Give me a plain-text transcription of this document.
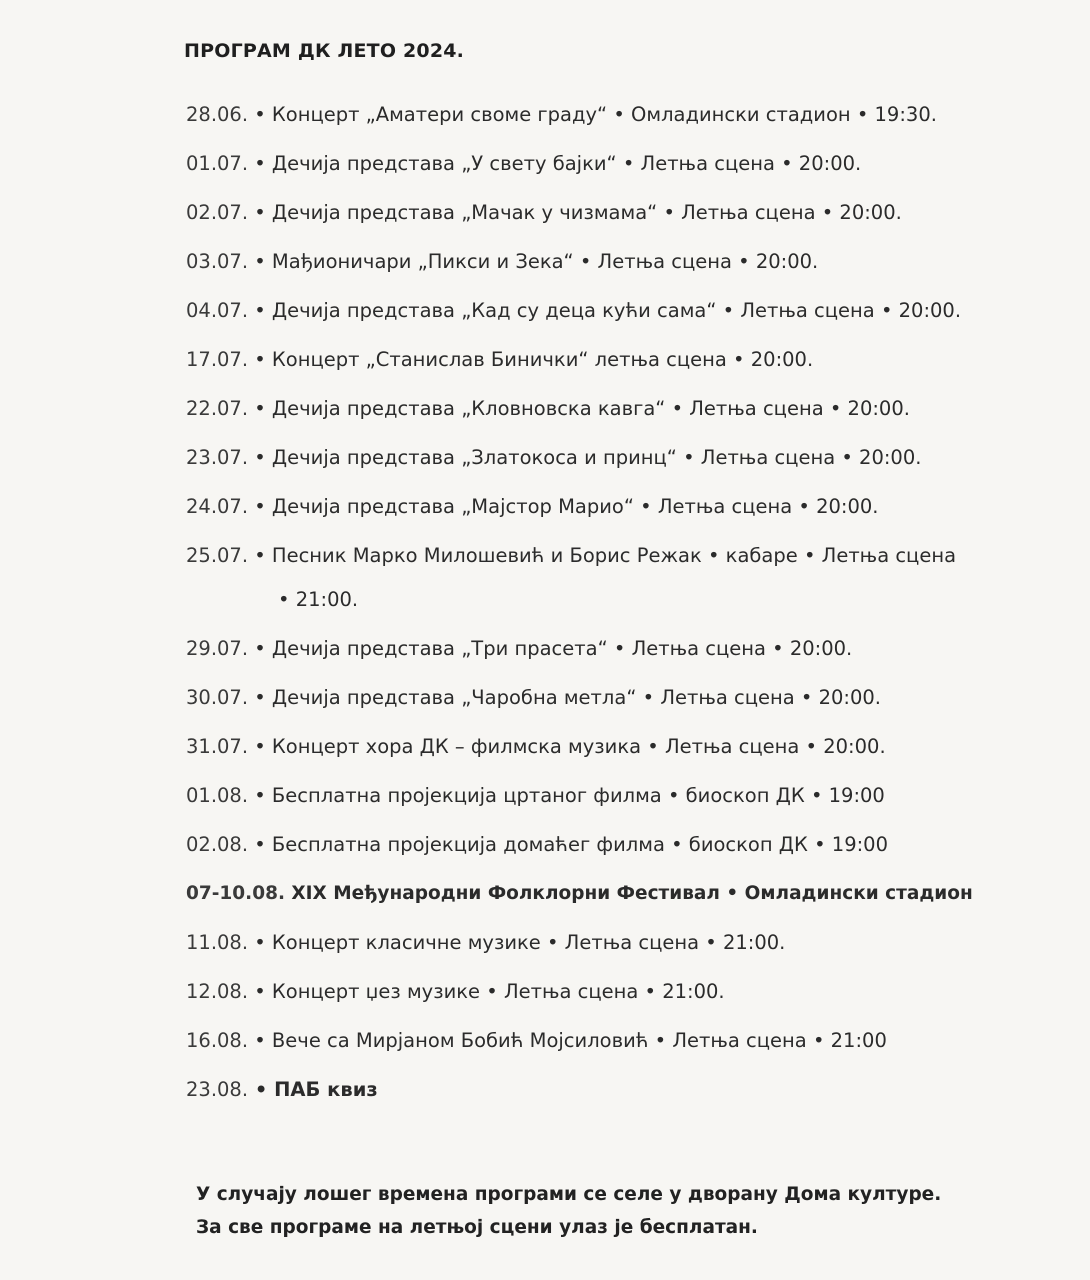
ПРОГРАМ ДК ЛЕТО 2024.
28.06. • Концерт „Аматери своме граду“ • Омладински стадион • 19:30.
01.07. • Дечија представа „У свету бајки“ • Летња сцена • 20:00.
02.07. • Дечија представа „Мачак у чизмама“ • Летња сцена • 20:00.
03.07. • Мађионичари „Пикси и Зека“ • Летња сцена • 20:00.
04.07. • Дечија представа „Кад су деца кући сама“ • Летња сцена • 20:00.
17.07. • Концерт „Станислав Бинички“ летња сцена • 20:00.
22.07. • Дечија представа „Кловновска кавга“ • Летња сцена • 20:00.
23.07. • Дечија представа „Златокоса и принц“ • Летња сцена • 20:00.
24.07. • Дечија представа „Мајстор Марио“ • Летња сцена • 20:00.
25.07. • Песник Марко Милошевић и Борис Режак • кабаре • Летња сцена
• 21:00.
29.07. • Дечија представа „Три прасета“ • Летња сцена • 20:00.
30.07. • Дечија представа „Чаробна метла“ • Летња сцена • 20:00.
31.07. • Концерт хора ДК – филмска музика • Летња сцена • 20:00.
01.08. • Бесплатна пројекција цртаног филма • биоскоп ДК • 19:00
02.08. • Бесплатна пројекција домаћег филма • биоскоп ДК • 19:00
07-10.08. XIX Међународни Фолклорни Фестивал • Омладински стадион
11.08. • Концерт класичне музике • Летња сцена • 21:00.
12.08. • Концерт џез музике • Летња сцена • 21:00.
16.08. • Вече са Мирјаном Бобић Мојсиловић • Летња сцена • 21:00
23.08. • ПАБ квиз
У случају лошег времена програми се селе у дворану Дома културе.
За све програме на летњој сцени улаз је бесплатан.
